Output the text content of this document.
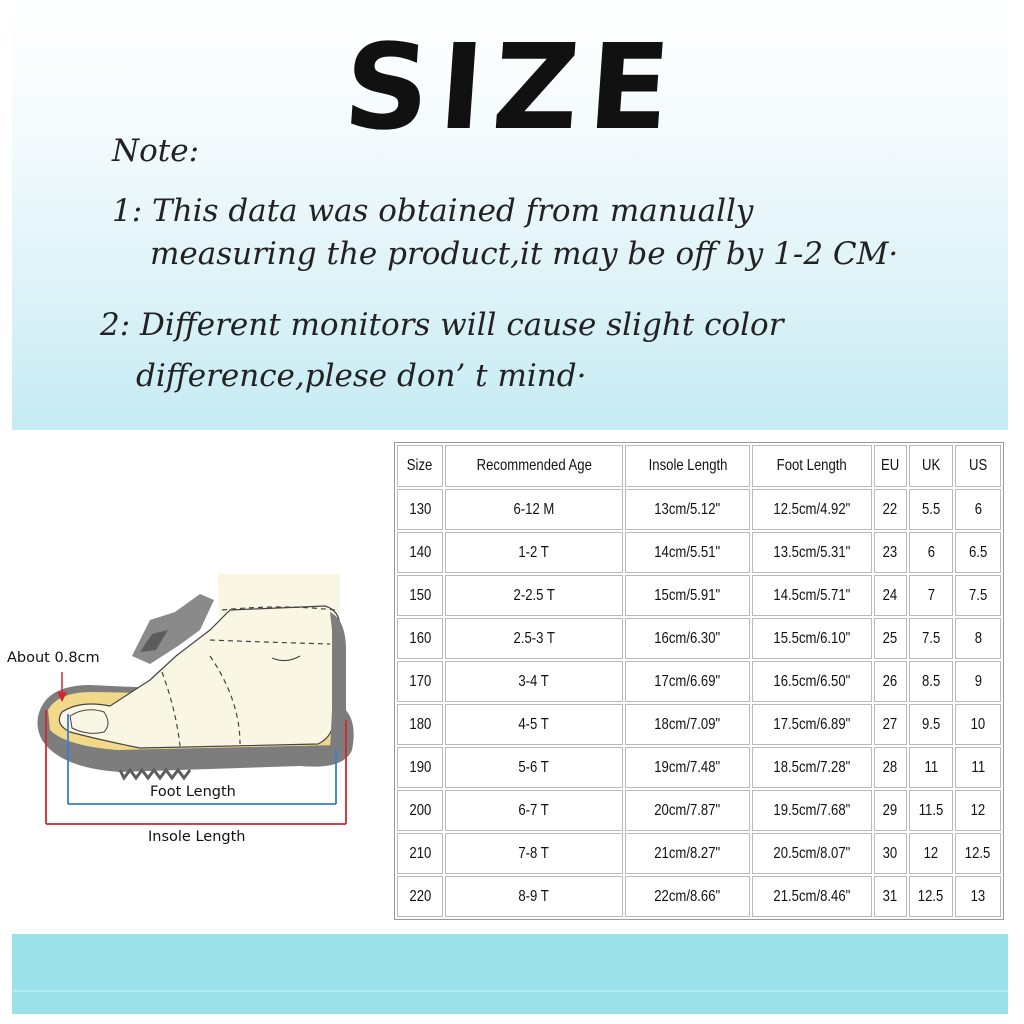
SIZE
Note:
1: This data was obtained from manually
measuring the product,it may be off by 1-2 CM·
2: Different monitors will cause slight color
difference,plese don’ t mind·
About 0.8cm
Foot Length
Insole Length
Size	Recommended Age	Insole Length	Foot Length	EU	UK	US
130	6-12 M	13cm/5.12"	12.5cm/4.92"	22	5.5	6
140	1-2 T	14cm/5.51"	13.5cm/5.31"	23	6	6.5
150	2-2.5 T	15cm/5.91"	14.5cm/5.71"	24	7	7.5
160	2.5-3 T	16cm/6.30"	15.5cm/6.10"	25	7.5	8
170	3-4 T	17cm/6.69"	16.5cm/6.50"	26	8.5	9
180	4-5 T	18cm/7.09"	17.5cm/6.89"	27	9.5	10
190	5-6 T	19cm/7.48"	18.5cm/7.28"	28	11	11
200	6-7 T	20cm/7.87"	19.5cm/7.68"	29	11.5	12
210	7-8 T	21cm/8.27"	20.5cm/8.07"	30	12	12.5
220	8-9 T	22cm/8.66"	21.5cm/8.46"	31	12.5	13
